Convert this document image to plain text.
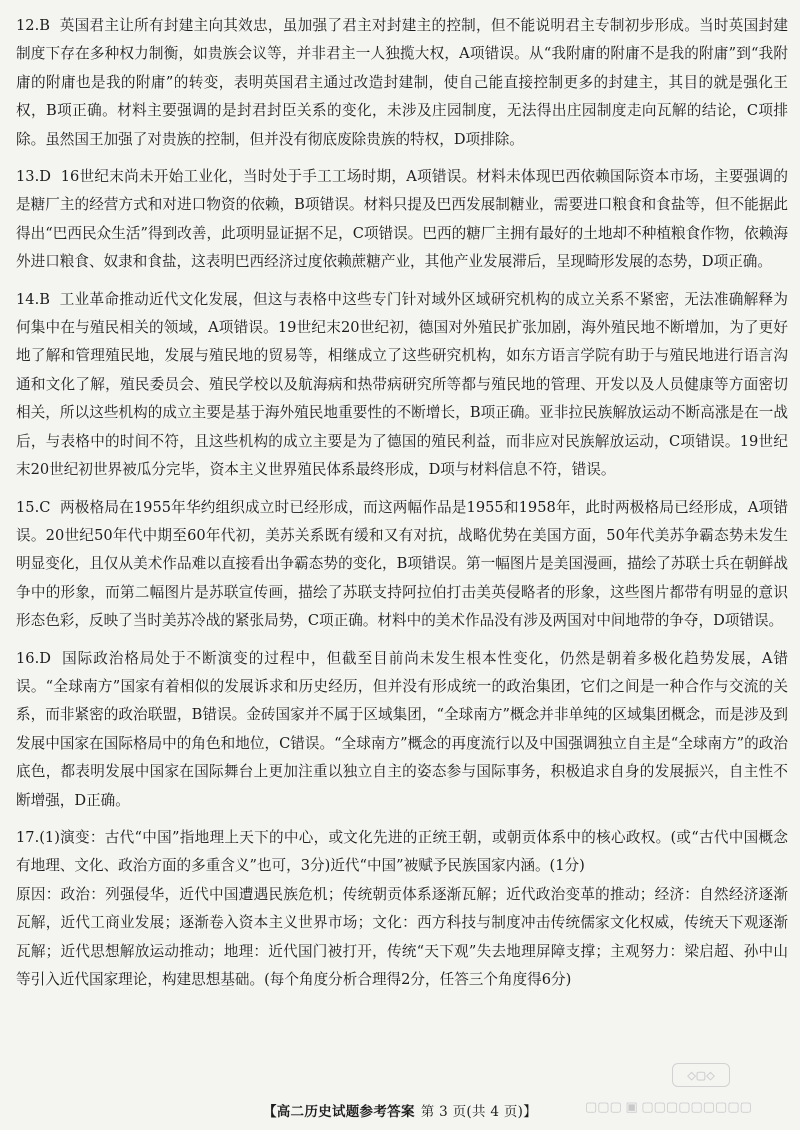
12.B 英国君主让所有封建主向其效忠，虽加强了君主对封建主的控制，但不能说明君主专制初步形成。当时英国封建制度下存在多种权力制衡，如贵族会议等，并非君主一人独揽大权，A项错误。从“我附庸的附庸不是我的附庸”到“我附庸的附庸也是我的附庸”的转变，表明英国君主通过改造封建制，使自己能直接控制更多的封建主，其目的就是强化王权，B项正确。材料主要强调的是封君封臣关系的变化，未涉及庄园制度，无法得出庄园制度走向瓦解的结论，C项排除。虽然国王加强了对贵族的控制，但并没有彻底废除贵族的特权，D项排除。

13.D 16世纪末尚未开始工业化，当时处于手工工场时期，A项错误。材料未体现巴西依赖国际资本市场，主要强调的是糖厂主的经营方式和对进口物资的依赖，B项错误。材料只提及巴西发展制糖业，需要进口粮食和食盐等，但不能据此得出“巴西民众生活”得到改善，此项明显证据不足，C项错误。巴西的糖厂主拥有最好的土地却不种植粮食作物，依赖海外进口粮食、奴隶和食盐，这表明巴西经济过度依赖蔗糖产业，其他产业发展滞后，呈现畸形发展的态势，D项正确。

14.B 工业革命推动近代文化发展，但这与表格中这些专门针对域外区域研究机构的成立关系不紧密，无法准确解释为何集中在与殖民相关的领域，A项错误。19世纪末20世纪初，德国对外殖民扩张加剧，海外殖民地不断增加，为了更好地了解和管理殖民地，发展与殖民地的贸易等，相继成立了这些研究机构，如东方语言学院有助于与殖民地进行语言沟通和文化了解，殖民委员会、殖民学校以及航海病和热带病研究所等都与殖民地的管理、开发以及人员健康等方面密切相关，所以这些机构的成立主要是基于海外殖民地重要性的不断增长，B项正确。亚非拉民族解放运动不断高涨是在一战后，与表格中的时间不符，且这些机构的成立主要是为了德国的殖民利益，而非应对民族解放运动，C项错误。19世纪末20世纪初世界被瓜分完毕，资本主义世界殖民体系最终形成，D项与材料信息不符，错误。

15.C 两极格局在1955年华约组织成立时已经形成，而这两幅作品是1955和1958年，此时两极格局已经形成，A项错误。20世纪50年代中期至60年代初，美苏关系既有缓和又有对抗，战略优势在美国方面，50年代美苏争霸态势未发生明显变化，且仅从美术作品难以直接看出争霸态势的变化，B项错误。第一幅图片是美国漫画，描绘了苏联士兵在朝鲜战争中的形象，而第二幅图片是苏联宣传画，描绘了苏联支持阿拉伯打击美英侵略者的形象，这些图片都带有明显的意识形态色彩，反映了当时美苏冷战的紧张局势，C项正确。材料中的美术作品没有涉及两国对中间地带的争夺，D项错误。

16.D 国际政治格局处于不断演变的过程中，但截至目前尚未发生根本性变化，仍然是朝着多极化趋势发展，A错误。“全球南方”国家有着相似的发展诉求和历史经历，但并没有形成统一的政治集团，它们之间是一种合作与交流的关系，而非紧密的政治联盟，B错误。金砖国家并不属于区域集团，“全球南方”概念并非单纯的区域集团概念，而是涉及到发展中国家在国际格局中的角色和地位，C错误。“全球南方”概念的再度流行以及中国强调独立自主是“全球南方”的政治底色，都表明发展中国家在国际舞台上更加注重以独立自主的姿态参与国际事务，积极追求自身的发展振兴，自主性不断增强，D正确。

17.(1)演变：古代“中国”指地理上天下的中心，或文化先进的正统王朝，或朝贡体系中的核心政权。(或“古代中国概念有地理、文化、政治方面的多重含义”也可，3分)近代“中国”被赋予民族国家内涵。(1分)

原因：政治：列强侵华，近代中国遭遇民族危机；传统朝贡体系逐渐瓦解；近代政治变革的推动；经济：自然经济逐渐瓦解，近代工商业发展；逐渐卷入资本主义世界市场；文化：西方科技与制度冲击传统儒家文化权威，传统天下观逐渐瓦解；近代思想解放运动推动；地理：近代国门被打开，传统“天下观”失去地理屏障支撑；主观努力：梁启超、孙中山等引入近代国家理论，构建思想基础。(每个角度分析合理得2分，任答三个角度得6分)

◇▢◇
▢▢▢ ▣ ▢▢▢▢▢▢▢▢▢
【高二历史试题参考答案 第 3 页(共 4 页)】
